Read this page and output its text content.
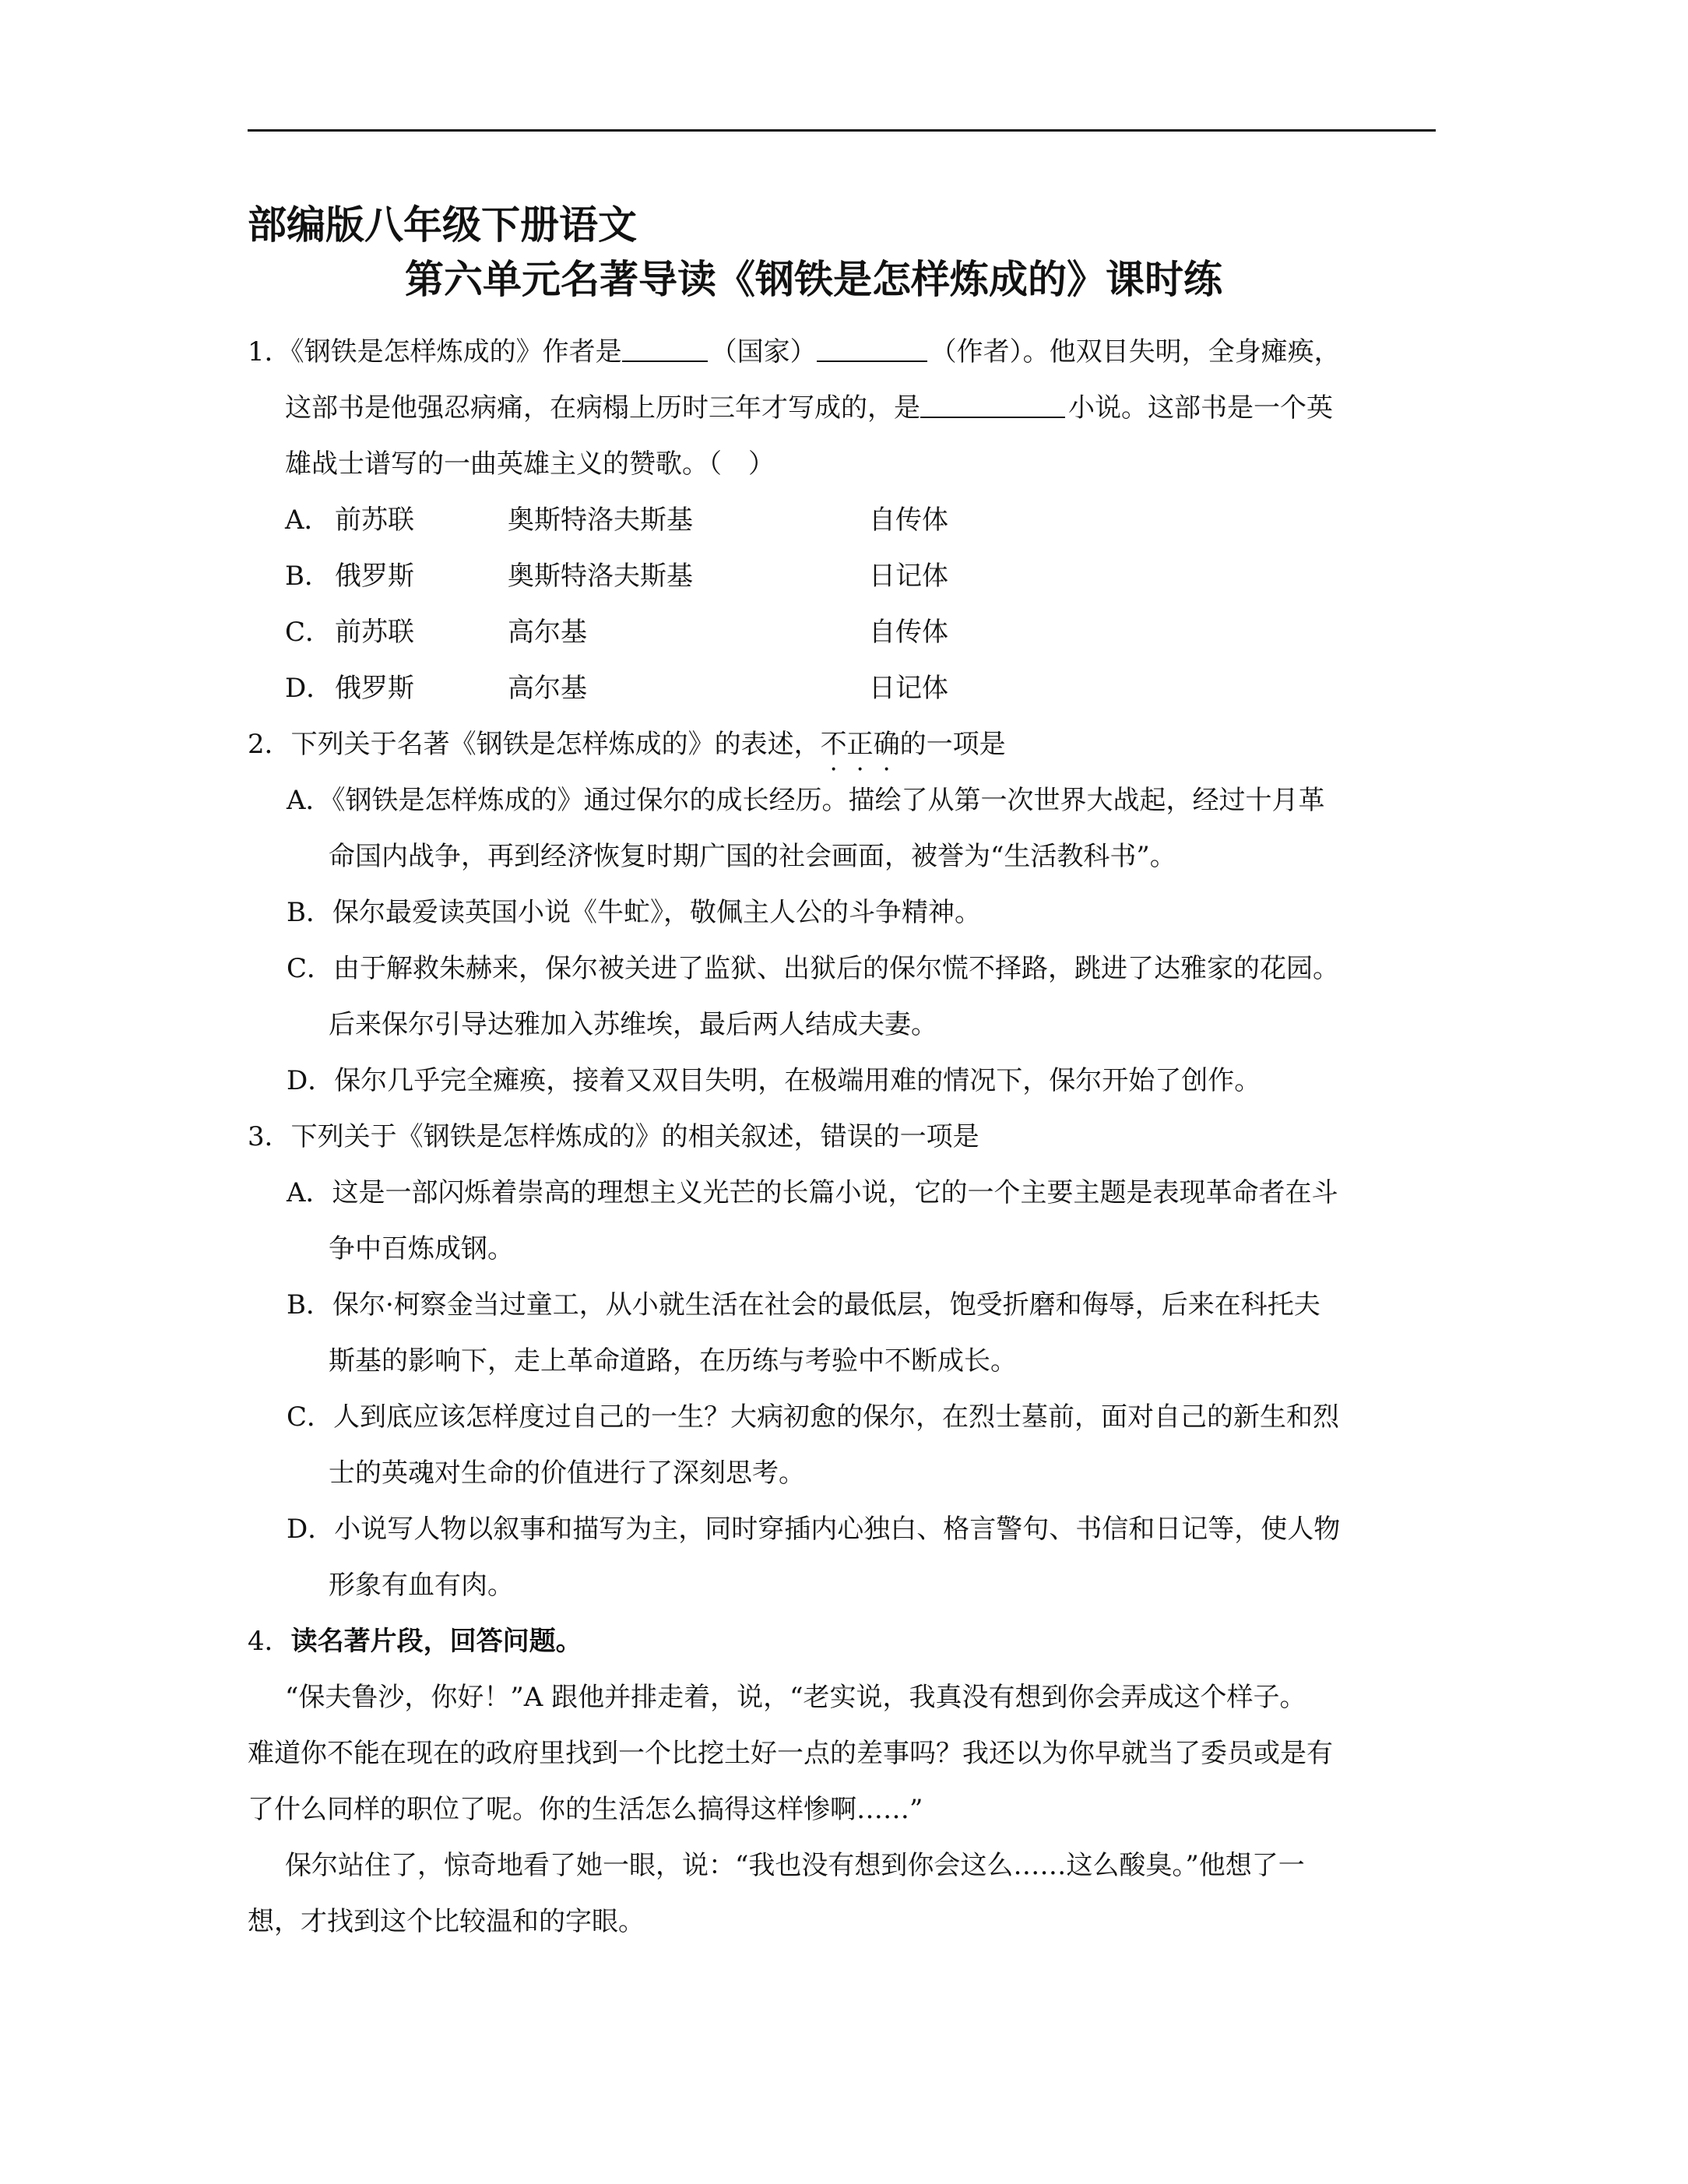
部编版八年级下册语文
第六单元名著导读《钢铁是怎样炼成的》课时练
1．《钢铁是怎样炼成的》作者是	（国家）	（作者）。他双目失明，全身瘫痪，
这部书是他强忍病痛，在病榻上历时三年才写成的，是	小说。这部书是一个英
雄战士谱写的一曲英雄主义的赞歌。（　）
A． 前苏联	奥斯特洛夫斯基	自传体
B． 俄罗斯	奥斯特洛夫斯基	日记体
C． 前苏联	高尔基	自传体
D． 俄罗斯	高尔基	日记体
2．下列关于名著《钢铁是怎样炼成的》的表述，不正确的一项是
A．《钢铁是怎样炼成的》通过保尔的成长经历。描绘了从第一次世界大战起，经过十月革
命国内战争，再到经济恢复时期广国的社会画面，被誉为“生活教科书”。
B．保尔最爱读英国小说《牛虻》，敬佩主人公的斗争精神。
C．由于解救朱赫来，保尔被关进了监狱、出狱后的保尔慌不择路，跳进了达雅家的花园。
后来保尔引导达雅加入苏维埃，最后两人结成夫妻。
D．保尔几乎完全瘫痪，接着又双目失明，在极端用难的情况下，保尔开始了创作。
3．下列关于《钢铁是怎样炼成的》的相关叙述，错误的一项是
A．这是一部闪烁着崇高的理想主义光芒的长篇小说，它的一个主要主题是表现革命者在斗
争中百炼成钢。
B．保尔·柯察金当过童工，从小就生活在社会的最低层，饱受折磨和侮辱，后来在科托夫
斯基的影响下，走上革命道路，在历练与考验中不断成长。
C．人到底应该怎样度过自己的一生？大病初愈的保尔，在烈士墓前，面对自己的新生和烈
士的英魂对生命的价值进行了深刻思考。
D．小说写人物以叙事和描写为主，同时穿插内心独白、格言警句、书信和日记等，使人物
形象有血有肉。
4．读名著片段，回答问题。
“保夫鲁沙，你好！”A 跟他并排走着，说，“老实说，我真没有想到你会弄成这个样子。
难道你不能在现在的政府里找到一个比挖土好一点的差事吗？我还以为你早就当了委员或是有
了什么同样的职位了呢。你的生活怎么搞得这样惨啊……”
保尔站住了，惊奇地看了她一眼，说：“我也没有想到你会这么……这么酸臭。”他想了一
想，才找到这个比较温和的字眼。
